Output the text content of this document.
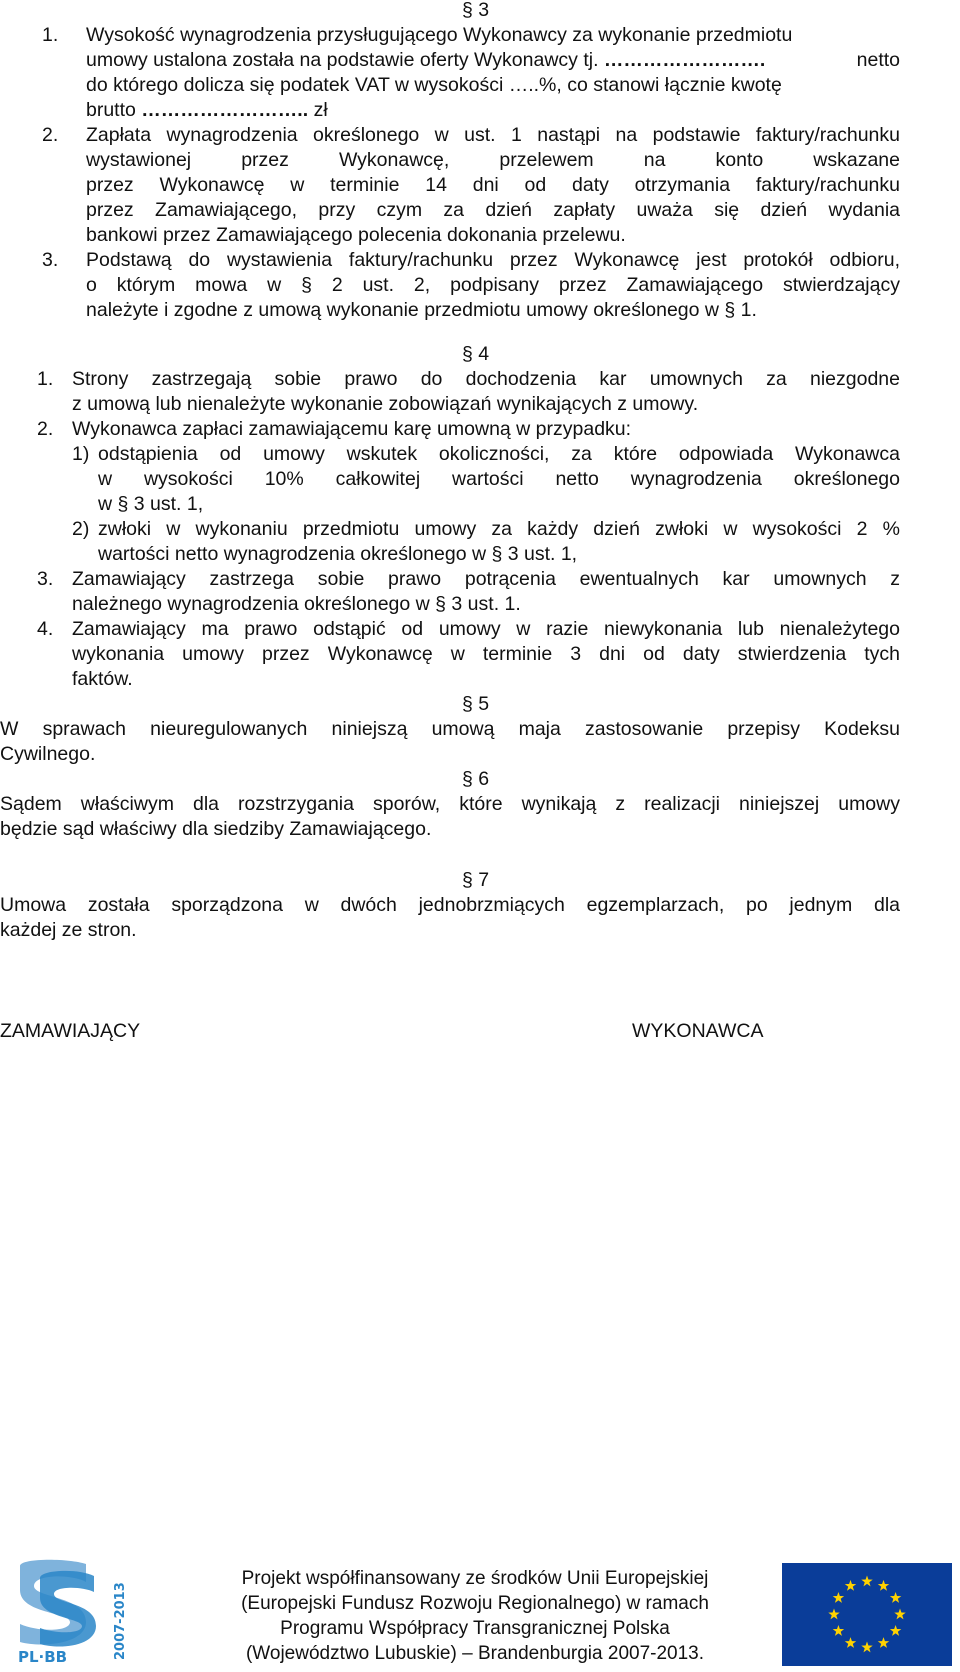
§ 3
1. Wysokość wynagrodzenia przysługującego Wykonawcy za wykonanie przedmiotu
umowy ustalona została na podstawie oferty Wykonawcy tj. …………………….	netto
do którego dolicza się podatek VAT w wysokości …..%, co stanowi łącznie kwotę
brutto …………………….. zł
2. Zapłata wynagrodzenia określonego w ust. 1 nastąpi na podstawie faktury/rachunku
wystawionej przez Wykonawcę, przelewem na konto wskazane
przez Wykonawcę w terminie 14 dni od daty otrzymania faktury/rachunku
przez Zamawiającego, przy czym za dzień zapłaty uważa się dzień wydania
bankowi przez Zamawiającego polecenia dokonania przelewu.
3. Podstawą do wystawienia faktury/rachunku przez Wykonawcę jest protokół odbioru,
o którym mowa w § 2 ust. 2, podpisany przez Zamawiającego stwierdzający
należyte i zgodne z umową wykonanie przedmiotu umowy określonego w § 1.
§ 4
1. Strony zastrzegają sobie prawo do dochodzenia kar umownych za niezgodne
z umową lub nienależyte wykonanie zobowiązań wynikających z umowy.
2. Wykonawca zapłaci zamawiającemu karę umowną w przypadku:
1) odstąpienia od umowy wskutek okoliczności, za które odpowiada Wykonawca
w wysokości 10% całkowitej wartości netto wynagrodzenia określonego
w § 3 ust. 1,
2) zwłoki w wykonaniu przedmiotu umowy za każdy dzień zwłoki w wysokości 2 %
wartości netto wynagrodzenia określonego w § 3 ust. 1,
3. Zamawiający zastrzega sobie prawo potrącenia ewentualnych kar umownych z
należnego wynagrodzenia określonego w § 3 ust. 1.
4. Zamawiający ma prawo odstąpić od umowy w razie niewykonania lub nienależytego
wykonania umowy przez Wykonawcę w terminie 3 dni od daty stwierdzenia tych
faktów.
§ 5
W sprawach nieuregulowanych niniejszą umową maja zastosowanie przepisy Kodeksu
Cywilnego.
§ 6
Sądem właściwym dla rozstrzygania sporów, które wynikają z realizacji niniejszej umowy
będzie sąd właściwy dla siedziby Zamawiającego.
§ 7
Umowa została sporządzona w dwóch jednobrzmiących egzemplarzach, po jednym dla
każdej ze stron.
ZAMAWIAJĄCY	WYKONAWCA
PL·BB	2007-2013
Projekt współfinansowany ze środków Unii Europejskiej
(Europejski Fundusz Rozwoju Regionalnego) w ramach
Programu Współpracy Transgranicznej Polska
(Województwo Lubuskie) – Brandenburgia 2007-2013.
